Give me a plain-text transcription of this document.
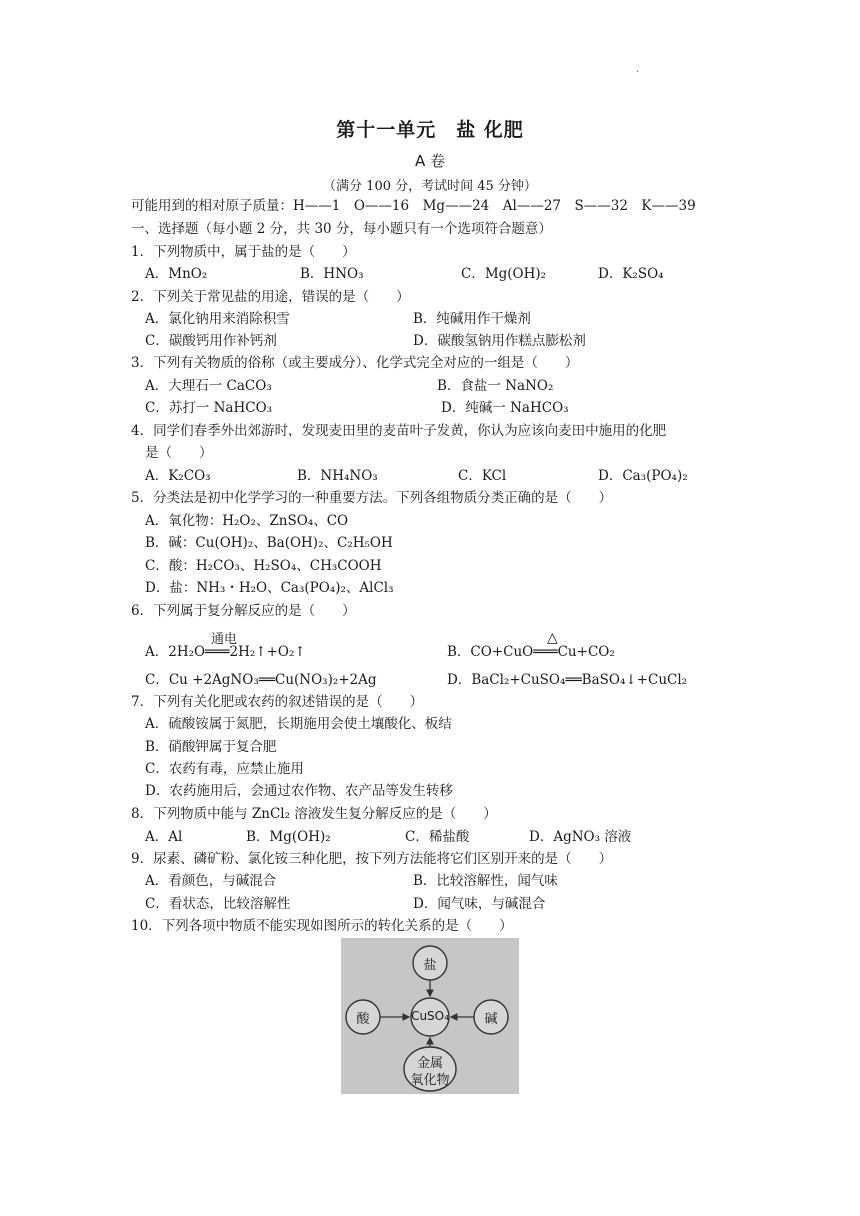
.
第十一单元　盐 化肥
A 卷
（满分 100 分，考试时间 45 分钟）
可能用到的相对原子质量：H——1　O——16　Mg——24　Al——27　S——32　K——39
一、选择题（每小题 2 分，共 30 分，每小题只有一个选项符合题意）
1．下列物质中，属于盐的是（　　）
A．MnO₂	B．HNO₃	C．Mg(OH)₂	D．K₂SO₄
2．下列关于常见盐的用途，错误的是（　　）
A．氯化钠用来消除积雪	B．纯碱用作干燥剂
C．碳酸钙用作补钙剂	D．碳酸氢钠用作糕点膨松剂
3．下列有关物质的俗称（或主要成分）、化学式完全对应的一组是（　　）
A．大理石一 CaCO₃	B．食盐一 NaNO₂
C．苏打一 NaHCO₃	D．纯碱一 NaHCO₃
4．同学们春季外出郊游时，发现麦田里的麦苗叶子发黄，你认为应该向麦田中施用的化肥
是（　　）
A．K₂CO₃	B．NH₄NO₃	C．KCl	D．Ca₃(PO₄)₂
5．分类法是初中化学学习的一种重要方法。下列各组物质分类正确的是（　　）
A．氧化物：H₂O₂、ZnSO₄、CO
B．碱：Cu(OH)₂、Ba(OH)₂、C₂H₅OH
C．酸：H₂CO₃、H₂SO₄、CH₃COOH
D．盐：NH₃・H₂O、Ca₃(PO₄)₂、AlCl₃
6．下列属于复分解反应的是（　　）
通电	△
A．2H₂O═══2H₂↑+O₂↑	B．CO+CuO═══Cu+CO₂
C．Cu +2AgNO₃══Cu(NO₃)₂+2Ag	D．BaCl₂+CuSO₄══BaSO₄↓+CuCl₂
7．下列有关化肥或农药的叙述错误的是（　　）
A．硫酸铵属于氮肥，长期施用会使土壤酸化、板结
B．硝酸钾属于复合肥
C．农药有毒，应禁止施用
D．农药施用后，会通过农作物、农产品等发生转移
8．下列物质中能与 ZnCl₂ 溶液发生复分解反应的是（　　）
A．Al	B．Mg(OH)₂	C．稀盐酸	D．AgNO₃ 溶液
9．尿素、磷矿粉、氯化铵三种化肥，按下列方法能将它们区别开来的是（　　）
A．看颜色，与碱混合	B．比较溶解性，闻气味
C．看状态，比较溶解性	D．闻气味，与碱混合
10．下列各项中物质不能实现如图所示的转化关系的是（　　）
盐
酸	碱
CuSO₄
金属
氧化物
